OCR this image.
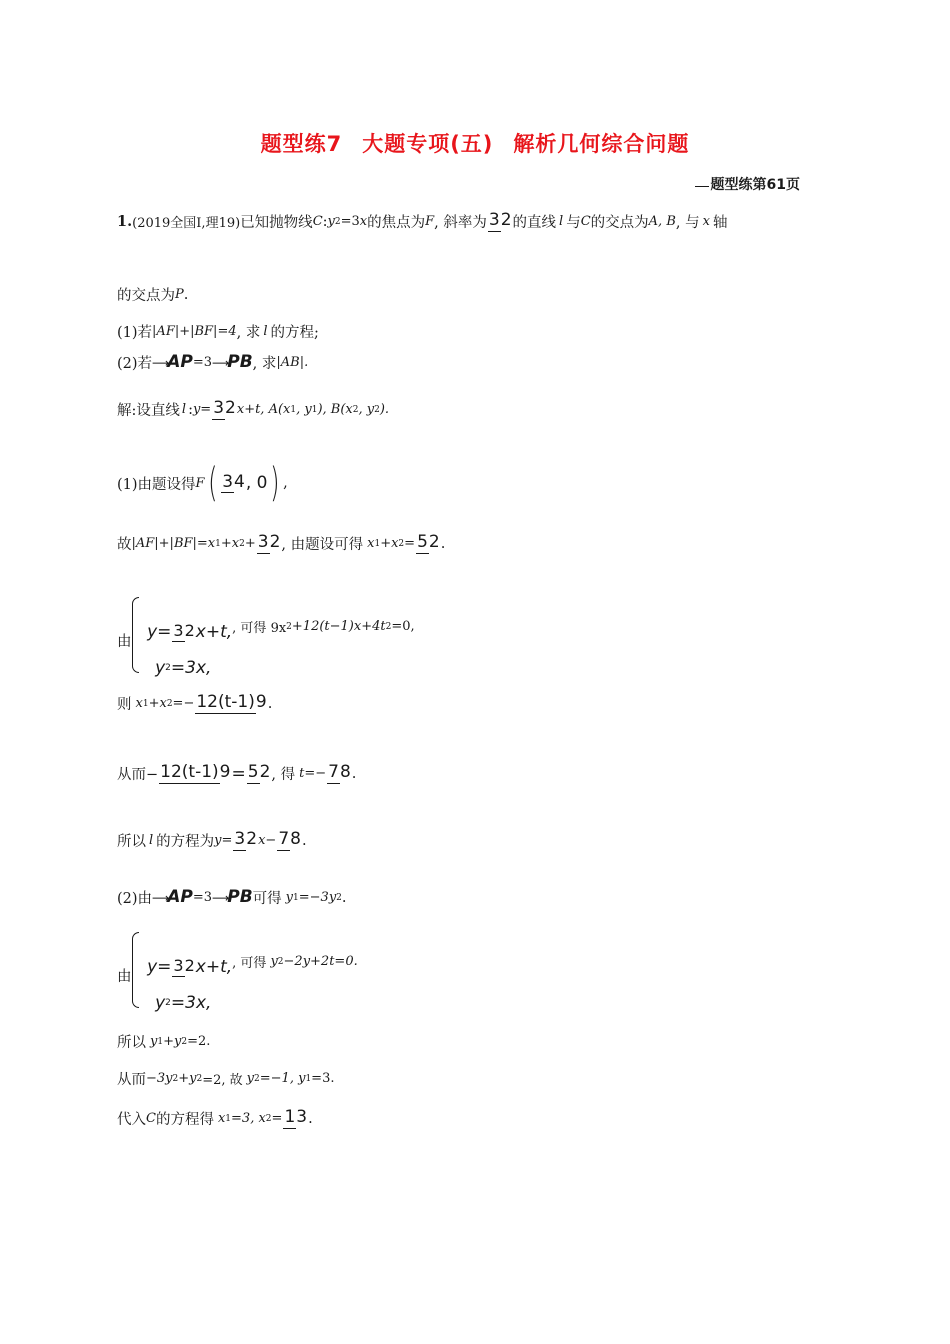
题型练7 大题专项(五) 解析几何综合问题
题型练第61页
1. (2019全国Ⅰ,理19) 已知抛物线 C : y 2 =3 x 的焦点为 F , 斜率为 32 的直线 l 与 C 的交点为 A, B , 与 x 轴
的交点为 P .
(1)若 |AF|+|BF|=4 , 求 l 的方程;
(2)若 ⟶AP =3 ⟶PB , 求 |AB|.
解:设直线 l : y= 32 x+t, A(x 1 , y 1 ), B(x 2 , y 2 ).
(1)由题设得 F ( 34 , 0 ) ,
故 |AF|+|BF|=x 1 +x 2 + 32 , 由题设可得 x 1 +x 2 = 52 .
由
y = 32 x+t,
y 2 =3x,
, 可得 9x 2 +12(t−1)x+4t 2 =0,
则 x 1 +x 2 =− 12(t-1)9 .
从而− 12(t-1)9 = 52 , 得 t=− 78 .
所以 l 的方程为 y= 32 x− 78 .
(2)由 ⟶AP =3 ⟶PB 可得 y 1 =−3y 2 .
由
y = 32 x+t,
y 2 =3x,
, 可得 y 2 −2y+2t=0.
所以 y 1 +y 2 =2.
从而 −3y 2 +y 2 =2, 故 y 2 =−1, y 1 =3.
代入 C 的方程得 x 1 =3, x 2 = 13 .
